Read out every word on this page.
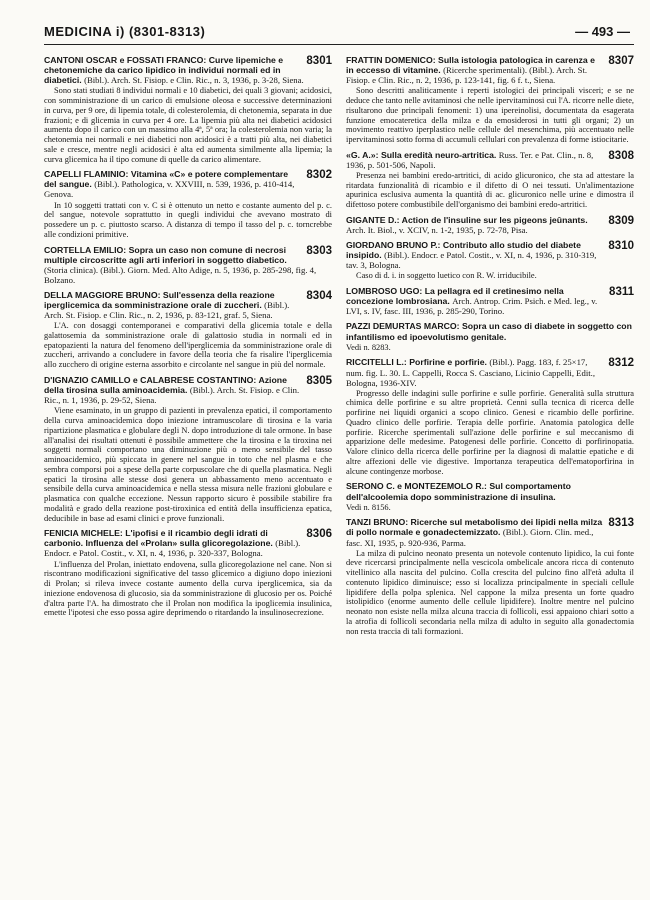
MEDICINA i) (8301-8313)	— 493 —
8301
CANTONI OSCAR e FOSSATI FRANCO: Curve lipemiche e chetonemiche da carico lipidico in individui normali ed in diabetici. (Bibl.). Arch. St. Fisiop. e Clin. Ric., n. 3, 1936, p. 3-28, Siena.
Sono stati studiati 8 individui normali e 10 diabetici, dei quali 3 giovani; acidosici, con somministrazione di un carico di emulsione oleosa e successive determinazioni in curva, per 9 ore, di lipemia totale, di colesterolemia, di chetonemia, separata in due frazioni; e di glicemia in curva per 4 ore. La lipemia più alta nei diabetici acidosici aumenta dopo il carico con un massimo alla 4ª, 5ª ora; la colesterolemia non varia; la chetonemia nei normali e nei diabetici non acidosici è a tratti più alta, nei diabetici sale e cresce, mentre negli acidosici è alta ed aumenta similmente alla lipemia; la curva glicemica ha il tipo comune di quelle da carico alimentare.
8302
CAPELLI FLAMINIO: Vitamina «C» e potere complementare del sangue. (Bibl.). Pathologica, v. XXVIII, n. 539, 1936, p. 410-414, Genova.
In 10 soggetti trattati con v. C si è ottenuto un netto e costante aumento del p. c. del sangue, notevole soprattutto in quegli individui che avevano mostrato di possedere un p. c. piuttosto scarso. A distanza di tempo il tasso del p. c. torncrebbe alle condizioni primitive.
8303
CORTELLA EMILIO: Sopra un caso non comune di necrosi multiple circoscritte agli arti inferiori in soggetto diabetico. (Storia clinica). (Bibl.). Giorn. Med. Alto Adige, n. 5, 1936, p. 285-298, fig. 4, Bolzano.
8304
DELLA MAGGIORE BRUNO: Sull'essenza della reazione iperglicemica da somministrazione orale di zuccheri. (Bibl.). Arch. St. Fisiop. e Clin. Ric., n. 2, 1936, p. 83-121, graf. 5, Siena.
L'A. con dosaggi contemporanei e comparativi della glicemia totale e della galattosemia da somministrazione orale di galattosio studia in normali ed in epatopazienti la natura del fenomeno dell'iperglicemia da somministrazione orale di zuccheri, arrivando a concludere in favore della teoria che fa risalire l'iperglicemia allo zucchero di origine esterna assorbito e circolante nel sangue in più del normale.
8305
D'IGNAZIO CAMILLO e CALABRESE COSTANTINO: Azione della tirosina sulla aminoacidemia. (Bibl.). Arch. St. Fisiop. e Clin. Ric., n. 1, 1936, p. 29-52, Siena.
Viene esaminato, in un gruppo di pazienti in prevalenza epatici, il comportamento della curva aminoacidemica dopo iniezione intramuscolare di tirosina e la varia ripartizione plasmatica e globulare degli N. dopo introduzione di tale ormone. In base all'analisi dei risultati ottenuti è possibile ammettere che la tirosina e la tiroxina nei soggetti normali comportano una diminuzione più o meno sensibile del tasso aminoacidemico, più spiccata in genere nel sangue in toto che nel plasma e che sembra comporsi poi a spese della parte corpuscolare che di quella plasmatica. Negli epatici la tirosina alle stesse dosi genera un abbassamento meno accentuato e sensibile della curva aminoacidemica e nella stessa misura nelle frazioni globulare e plasmatica con qualche eccezione. Nessun rapporto sicuro è possibile stabilire fra modalità e grado della reazione post-tiroxinica ed entità della insufficienza epatica, deducibile in base ad esami clinici e prove funzionali.
8306
FENICIA MICHELE: L'ipofisi e il ricambio degli idrati di carbonio. Influenza del «Prolan» sulla glicoregolazione. (Bibl.). Endocr. e Patol. Costit., v. XI, n. 4, 1936, p. 320-337, Bologna.
L'influenza del Prolan, iniettato endovena, sulla glicoregolazione nel cane. Non si riscontrano modificazioni significative del tasso glicemico a digiuno dopo iniezioni di Prolan; si rileva invece costante aumento della curva iperglicemica, sia da iniezione endovenosa di glucosio, sia da somministrazione di glucosio per os. Poiché d'altra parte l'A. ha dimostrato che il Prolan non modifica la ipoglicemia insulinica, emette l'ipotesi che esso possa agire deprimendo o ritardando la insulinosecrezione.
8307
FRATTIN DOMENICO: Sulla istologia patologica in carenza e in eccesso di vitamine. (Ricerche sperimentali). (Bibl.). Arch. St. Fisiop. e Clin. Ric., n. 2, 1936, p. 123-141, fig. 6 f. t., Siena.
Sono descritti analiticamente i reperti istologici dei principali visceri; e se ne deduce che tanto nelle avitaminosi che nelle ipervitaminosi cui l'A. ricorre nelle diete, risultarono due principali fenomeni: 1) una ipereinolisi, documentata da esagerata funzione emocateretica della milza e da emosiderosi in tutti gli organi; 2) un movimento reattivo iperplastico nelle cellule del mesenchima, più accentuato nelle ipervitaminosi sotto forma di accumuli cellulari con prevalenza di forme istiocitarie.
8308
«G. A.»: Sulla eredità neuro-artritica. Russ. Ter. e Pat. Clin., n. 8, 1936, p. 501-506, Napoli.
Presenza nei bambini eredo-artritici, di acido glicuronico, che sta ad attestare la ritardata funzionalità di ricambio e il difetto di O nei tessuti. Un'alimentazione apurinica esclusiva aumenta la quantità di ac. glicuronico nelle urine e dimostra il difettoso potere combustibile dell'organismo dei bambini eredo-artritici.
8309
GIGANTE D.: Action de l'insuline sur les pigeons jeûnants. Arch. It. Biol., v. XCIV, n. 1-2, 1935, p. 72-78, Pisa.
8310
GIORDANO BRUNO P.: Contributo allo studio del diabete insipido. (Bibl.). Endocr. e Patol. Costit., v. XI, n. 4, 1936, p. 310-319, tav. 3, Bologna.
Caso di d. i. in soggetto luetico con R. W. irriducibile.
8311
LOMBROSO UGO: La pellagra ed il cretinesimo nella concezione lombrosiana. Arch. Antrop. Crim. Psich. e Med. leg., v. LVI, s. IV, fasc. III, 1936, p. 285-290, Torino.
PAZZI DEMURTAS MARCO: Sopra un caso di diabete in soggetto con infantilismo ed ipoevolutismo genitale.
Vedi n. 8283.
8312
RICCITELLI L.: Porfirine e porfirie. (Bibl.). Pagg. 183, f. 25×17, num. fig. L. 30. L. Cappelli, Rocca S. Casciano, Licinio Cappelli, Edit., Bologna, 1936-XIV.
Progresso delle indagini sulle porfirine e sulle porfirie. Generalità sulla struttura chimica delle porfirine e su altre proprietà. Cenni sulla tecnica di ricerca delle porfirine nei liquidi organici a scopo clinico. Genesi e ricambio delle porfirine. Quadro clinico delle porfirie. Terapia delle porfirie. Anatomia patologica delle porfirie. Ricerche sperimentali sull'azione delle porfirine e sul meccanismo di apparizione delle medesime. Patogenesi delle porfirie. Concetto di porfirinopatia. Valore clinico della ricerca delle porfirine per la diagnosi di malattie epatiche e di altre affezioni delle vie digestive. Importanza terapeutica dell'ematoporfirina in alcune contingenze morbose.
SERONO C. e MONTEZEMOLO R.: Sul comportamento dell'alcoolemia dopo somministrazione di insulina.
Vedi n. 8156.
8313
TANZI BRUNO: Ricerche sul metabolismo dei lipidi nella milza di pollo normale e gonadectemizzato. (Bibl.). Giorn. Clin. med., fasc. XI, 1935, p. 920-936, Parma.
La milza di pulcino neonato presenta un notevole contenuto lipidico, la cui fonte deve ricercarsi principalmente nella vescicola ombelicale ancora ricca di contenuto vitellinico alla nascita del pulcino. Colla crescita del pulcino fino all'età adulta il contenuto lipidico diminuisce; esso si localizza principalmente in speciali cellule lipidifere della polpa splenica. Nel cappone la milza presenta un forte quadro istolipidico (enorme aumento delle cellule lipidifere). Inoltre mentre nel pulcino neonato non esiste nella milza alcuna traccia di follicoli, essi appaiono chiari sotto a la atrofia di follicoli secondaria nella milza di adulto in seguito alla gonadectomia non resta traccia di tali formazioni.
